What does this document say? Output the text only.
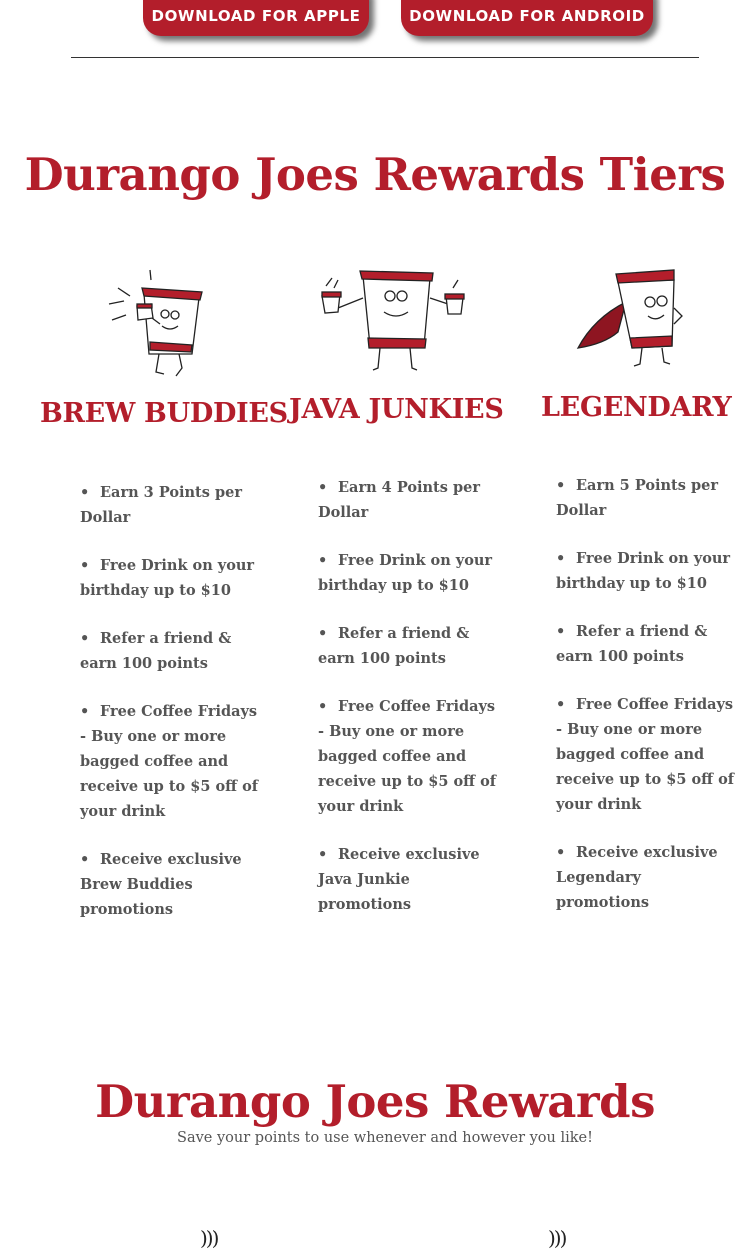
DOWNLOAD FOR APPLE	DOWNLOAD FOR ANDROID
Durango Joes Rewards Tiers
BREW BUDDIES JAVA JUNKIES LEGENDARY
• Earn 3 Points per Dollar
• Free Drink on your birthday up to $10
• Refer a friend & earn 100 points
• Free Coffee Fridays - Buy one or more bagged coffee and receive up to $5 off of your drink
• Receive exclusive Brew Buddies promotions
• Earn 4 Points per Dollar
• Free Drink on your birthday up to $10
• Refer a friend & earn 100 points
• Free Coffee Fridays - Buy one or more bagged coffee and receive up to $5 off of your drink
• Receive exclusive Java Junkie promotions
• Earn 5 Points per Dollar
• Free Drink on your birthday up to $10
• Refer a friend & earn 100 points
• Free Coffee Fridays - Buy one or more bagged coffee and receive up to $5 off of your drink
• Receive exclusive Legendary promotions
Durango Joes Rewards
Save your points to use whenever and however you like!
)))	)))
